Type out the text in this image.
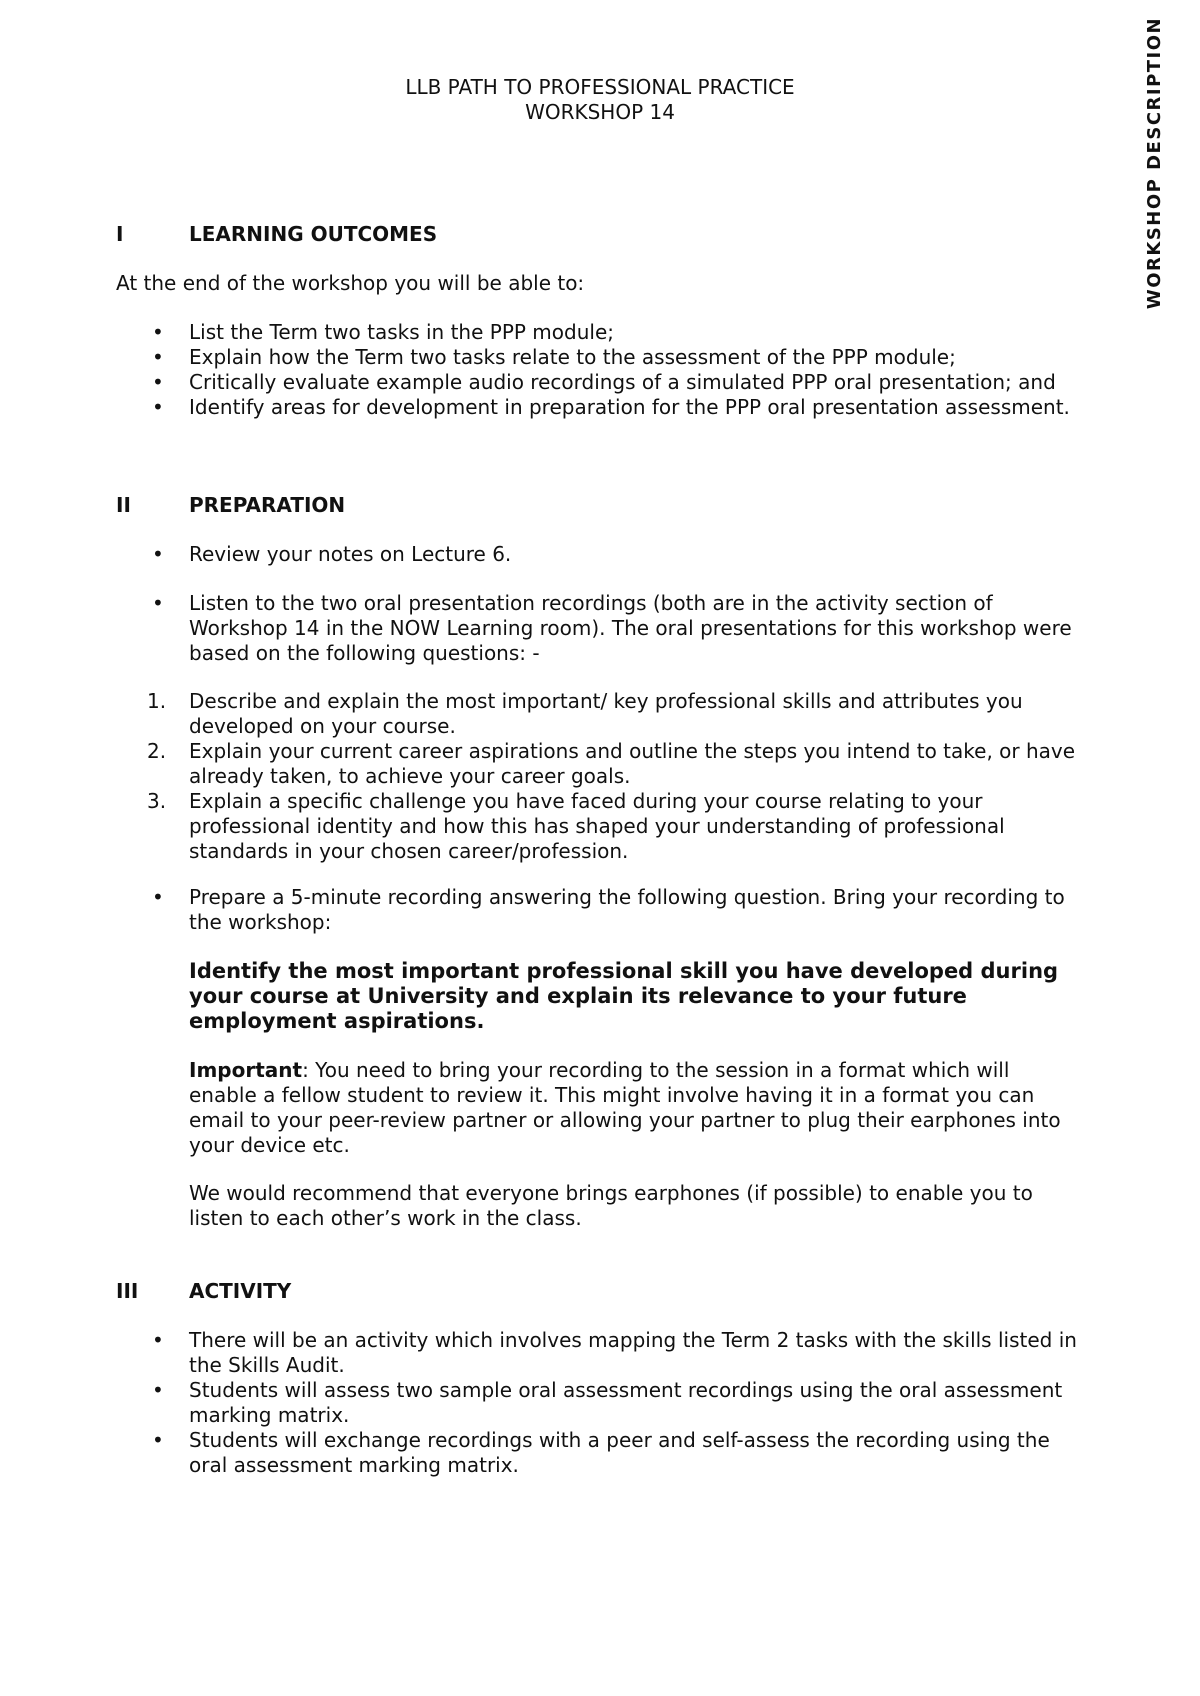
WORKSHOP DESCRIPTION
LLB PATH TO PROFESSIONAL PRACTICE
WORKSHOP 14
I	LEARNING OUTCOMES
At the end of the workshop you will be able to:
• List the Term two tasks in the PPP module;
• Explain how the Term two tasks relate to the assessment of the PPP module;
• Critically evaluate example audio recordings of a simulated PPP oral presentation; and
• Identify areas for development in preparation for the PPP oral presentation assessment.
II	PREPARATION
• Review your notes on Lecture 6.
• Listen to the two oral presentation recordings (both are in the activity section of Workshop 14 in the NOW Learning room). The oral presentations for this workshop were based on the following questions: -
1. Describe and explain the most important/ key professional skills and attributes you developed on your course.
2. Explain your current career aspirations and outline the steps you intend to take, or have already taken, to achieve your career goals.
3. Explain a specific challenge you have faced during your course relating to your professional identity and how this has shaped your understanding of professional standards in your chosen career/profession.
• Prepare a 5-minute recording answering the following question. Bring your recording to the workshop:
Identify the most important professional skill you have developed during your course at University and explain its relevance to your future employment aspirations.
Important: You need to bring your recording to the session in a format which will enable a fellow student to review it. This might involve having it in a format you can email to your peer-review partner or allowing your partner to plug their earphones into your device etc.
We would recommend that everyone brings earphones (if possible) to enable you to listen to each other’s work in the class.
III	ACTIVITY
• There will be an activity which involves mapping the Term 2 tasks with the skills listed in the Skills Audit.
• Students will assess two sample oral assessment recordings using the oral assessment marking matrix.
• Students will exchange recordings with a peer and self-assess the recording using the oral assessment marking matrix.
